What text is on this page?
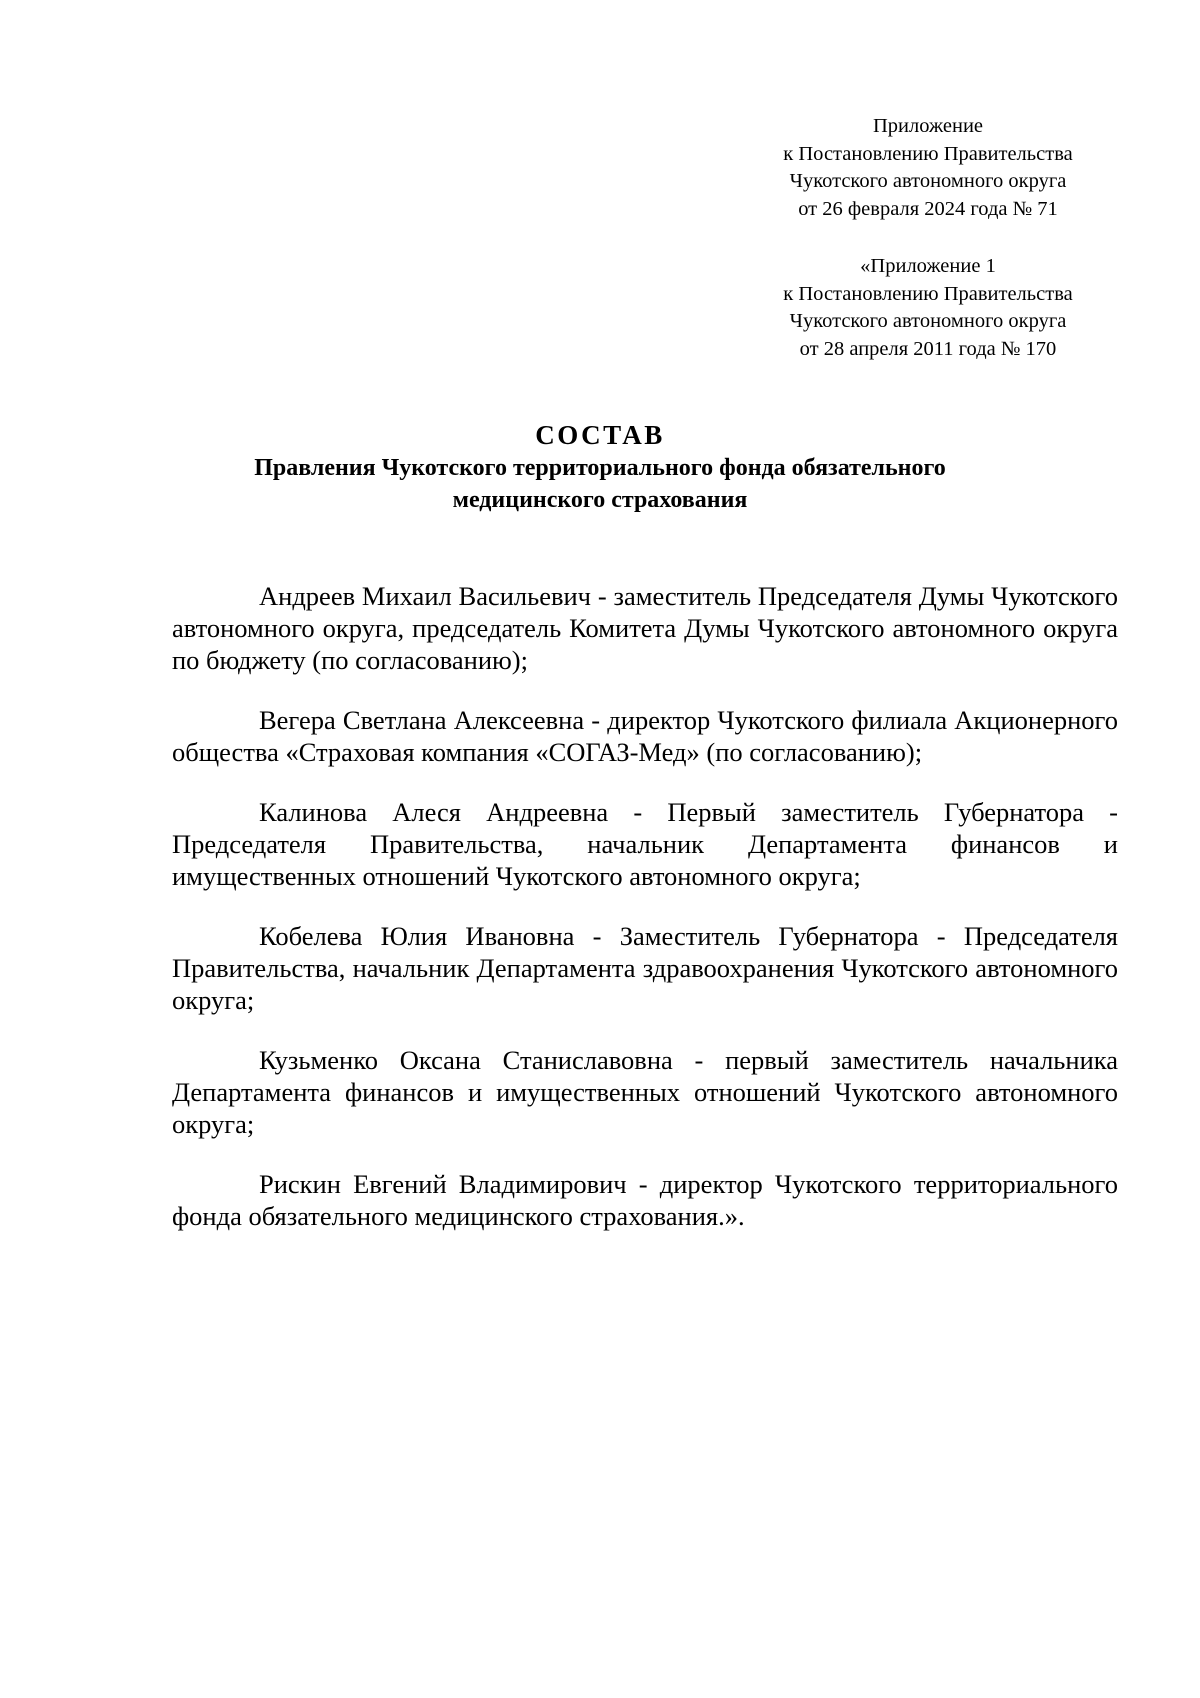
Приложение
к Постановлению Правительства
Чукотского автономного округа
от 26 февраля 2024 года № 71
«Приложение 1
к Постановлению Правительства
Чукотского автономного округа
от 28 апреля 2011 года № 170
СОСТАВ
Правления Чукотского территориального фонда обязательного
медицинского страхования

Андреев Михаил Васильевич - заместитель Председателя Думы Чукотского автономного округа, председатель Комитета Думы Чукотского автономного округа по бюджету (по согласованию);

Вегера Светлана Алексеевна - директор Чукотского филиала Акционерного общества «Страховая компания «СОГАЗ-Мед» (по согласованию);

Калинова Алеся Андреевна - Первый заместитель Губернатора - Председателя Правительства, начальник Департамента финансов и имущественных отношений Чукотского автономного округа;

Кобелева Юлия Ивановна - Заместитель Губернатора - Председателя Правительства, начальник Департамента здравоохранения Чукотского автономного округа;

Кузьменко Оксана Станиславовна - первый заместитель начальника Департамента финансов и имущественных отношений Чукотского автономного округа;

Рискин Евгений Владимирович - директор Чукотского территориального фонда обязательного медицинского страхования.».
